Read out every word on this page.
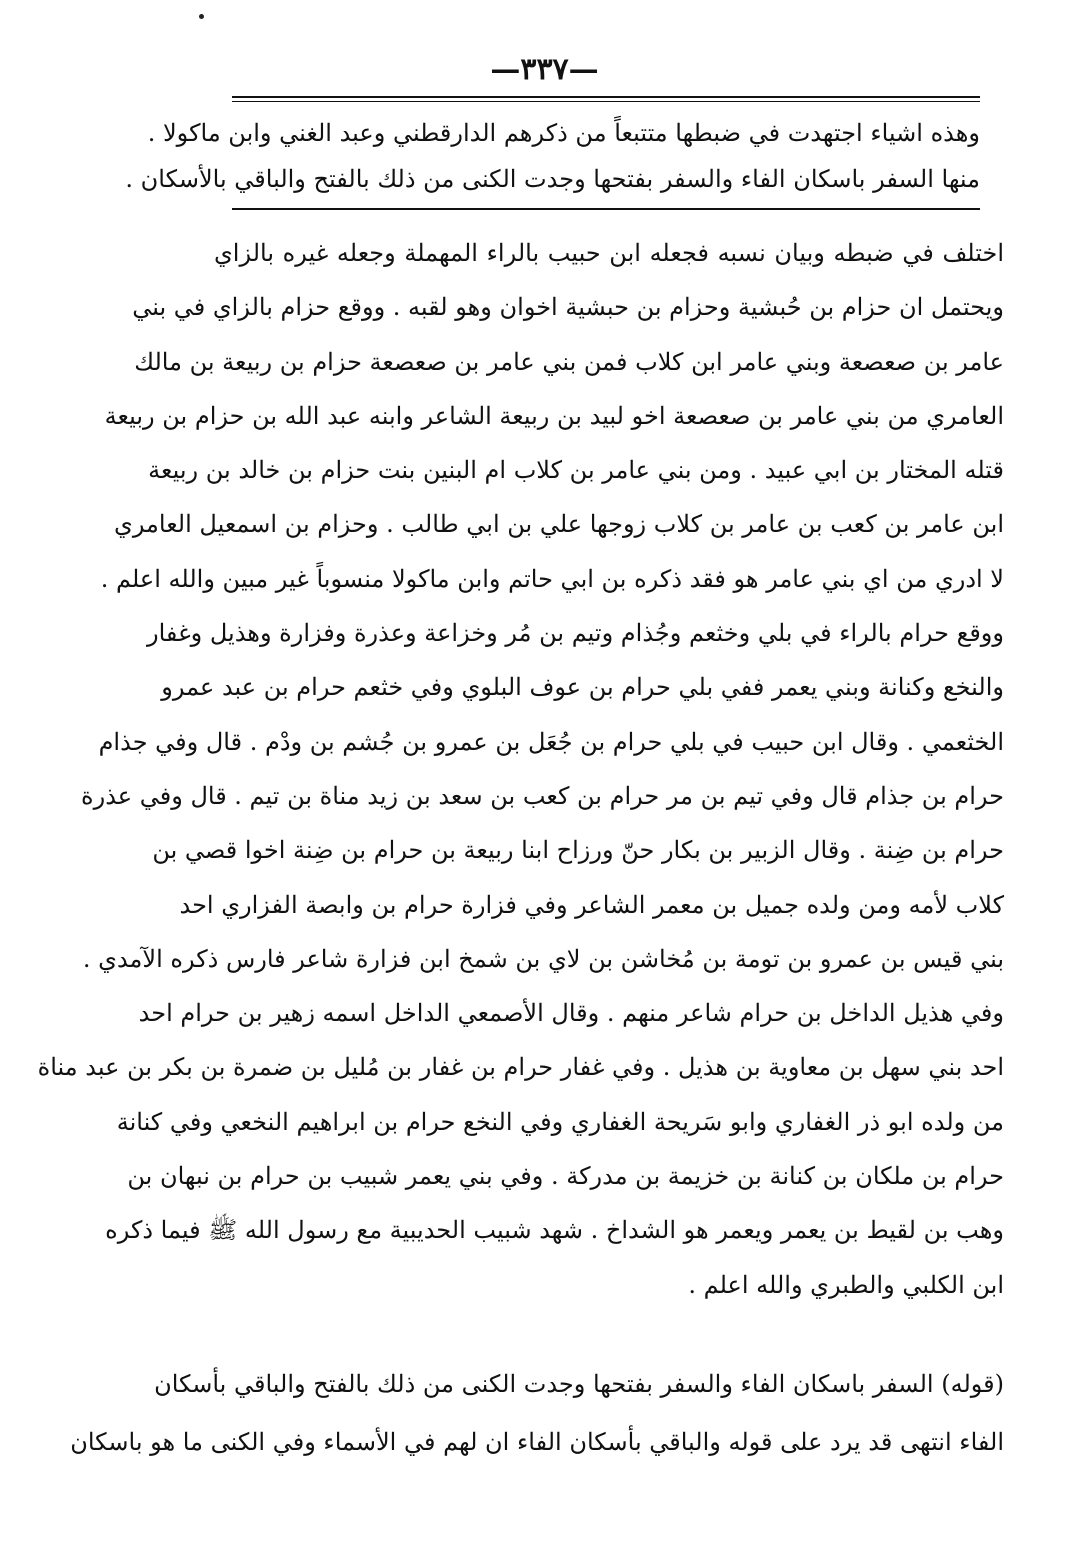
—٣٣٧—
وهذه اشياء اجتهدت في ضبطها متتبعاً من ذكرهم الدارقطني وعبد الغني وابن ماكولا .
منها السفر باسكان الفاء والسفر بفتحها وجدت الكنى من ذلك بالفتح والباقي بالأسكان .
اختلف في ضبطه وبيان نسبه فجعله ابن حبيب بالراء المهملة وجعله غيره بالزاي
ويحتمل ان حزام بن حُبشية وحزام بن حبشية اخوان وهو لقبه . ووقع حزام بالزاي في بني
عامر بن صعصعة وبني عامر ابن كلاب فمن بني عامر بن صعصعة حزام بن ربيعة بن مالك
العامري من بني عامر بن صعصعة اخو لبيد بن ربيعة الشاعر وابنه عبد الله بن حزام بن ربيعة
قتله المختار بن ابي عبيد . ومن بني عامر بن كلاب ام البنين بنت حزام بن خالد بن ربيعة
ابن عامر بن كعب بن عامر بن كلاب زوجها علي بن ابي طالب . وحزام بن اسمعيل العامري
لا ادري من اي بني عامر هو فقد ذكره بن ابي حاتم وابن ماكولا منسوباً غير مبين والله اعلم .
ووقع حرام بالراء في بلي وخثعم وجُذام وتيم بن مُر وخزاعة وعذرة وفزارة وهذيل وغفار
والنخع وكنانة وبني يعمر ففي بلي حرام بن عوف البلوي وفي خثعم حرام بن عبد عمرو
الخثعمي . وقال ابن حبيب في بلي حرام بن جُعَل بن عمرو بن جُشم بن ودْم . قال وفي جذام
حرام بن جذام قال وفي تيم بن مر حرام بن كعب بن سعد بن زيد مناة بن تيم . قال وفي عذرة
حرام بن ضِنة . وقال الزبير بن بكار حنّ ورزاح ابنا ربيعة بن حرام بن ضِنة اخوا قصي بن
كلاب لأمه ومن ولده جميل بن معمر الشاعر وفي فزارة حرام بن وابصة الفزاري احد
بني قيس بن عمرو بن تومة بن مُخاشن بن لاي بن شمخ ابن فزارة شاعر فارس ذكره الآمدي .
وفي هذيل الداخل بن حرام شاعر منهم . وقال الأصمعي الداخل اسمه زهير بن حرام احد
احد بني سهل بن معاوية بن هذيل . وفي غفار حرام بن غفار بن مُليل بن ضمرة بن بكر بن عبد مناة
من ولده ابو ذر الغفاري وابو سَريحة الغفاري وفي النخع حرام بن ابراهيم النخعي وفي كنانة
حرام بن ملكان بن كنانة بن خزيمة بن مدركة . وفي بني يعمر شبيب بن حرام بن نبهان بن
وهب بن لقيط بن يعمر ويعمر هو الشداخ . شهد شبيب الحديبية مع رسول الله ﷺ فيما ذكره
ابن الكلبي والطبري والله اعلم .
(قوله) السفر باسكان الفاء والسفر بفتحها وجدت الكنى من ذلك بالفتح والباقي بأسكان
الفاء انتهى قد يرد على قوله والباقي بأسكان الفاء ان لهم في الأسماء وفي الكنى ما هو باسكان
